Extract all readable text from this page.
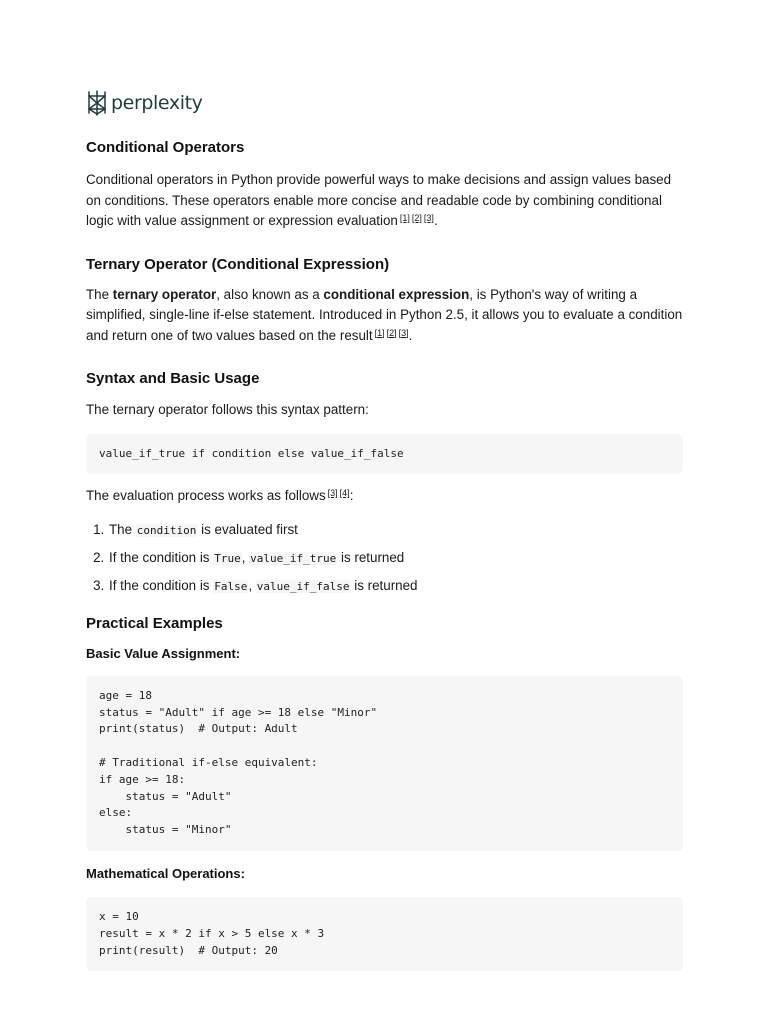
perplexity
Conditional Operators

Conditional operators in Python provide powerful ways to make decisions and assign values based on conditions. These operators enable more concise and readable code by combining conditional logic with value assignment or expression evaluation [1] [2] [3].

Ternary Operator (Conditional Expression)

The ternary operator, also known as a conditional expression, is Python's way of writing a simplified, single-line if-else statement. Introduced in Python 2.5, it allows you to evaluate a condition and return one of two values based on the result [1] [2] [3].

Syntax and Basic Usage

The ternary operator follows this syntax pattern:

value_if_true if condition else value_if_false

The evaluation process works as follows [3] [4]:

1. The condition is evaluated first
2. If the condition is True, value_if_true is returned
3. If the condition is False, value_if_false is returned
Practical Examples
Basic Value Assignment:
age = 18
status = "Adult" if age >= 18 else "Minor"
print(status)  # Output: Adult

# Traditional if-else equivalent:
if age >= 18:
status = "Adult"
else:
status = "Minor"
Mathematical Operations:
x = 10
result = x * 2 if x > 5 else x * 3
print(result)  # Output: 20
